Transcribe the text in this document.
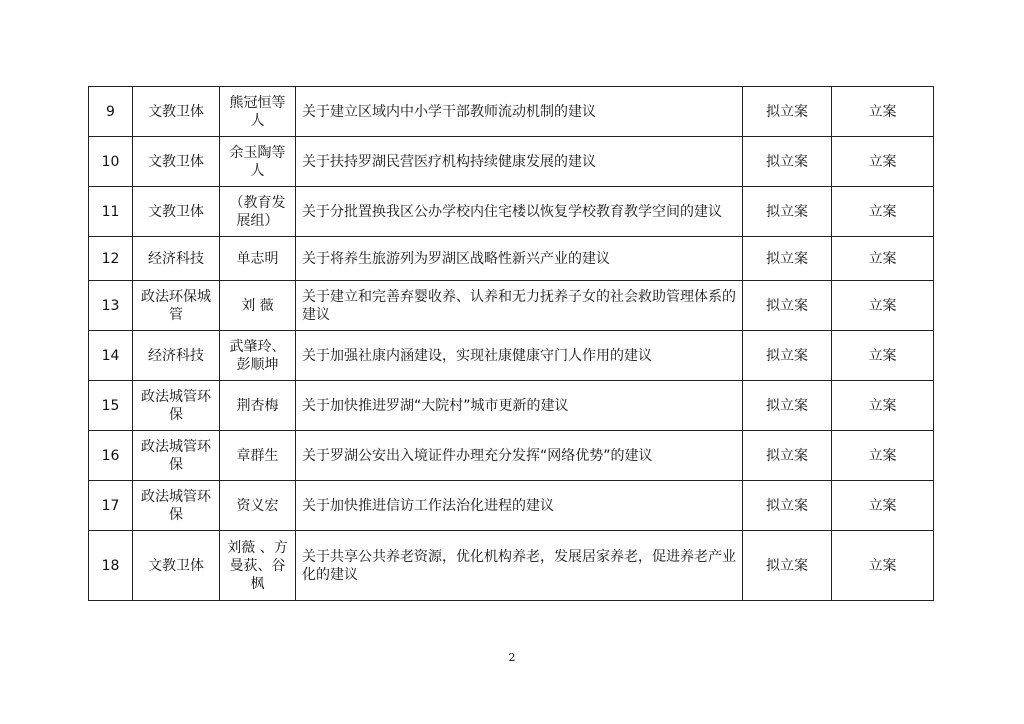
9	文教卫体	熊冠恒等人	关于建立区域内中小学干部教师流动机制的建议	拟立案	立案
10	文教卫体	余玉陶等人	关于扶持罗湖民营医疗机构持续健康发展的建议	拟立案	立案
11	文教卫体	（教育发展组）	关于分批置换我区公办学校内住宅楼以恢复学校教育教学空间的建议	拟立案	立案
12	经济科技	单志明	关于将养生旅游列为罗湖区战略性新兴产业的建议	拟立案	立案
13	政法环保城管	刘 薇	关于建立和完善弃婴收养、认养和无力抚养子女的社会救助管理体系的建议	拟立案	立案
14	经济科技	武肇玲、彭顺坤	关于加强社康内涵建设，实现社康健康守门人作用的建议	拟立案	立案
15	政法城管环保	荆杏梅	关于加快推进罗湖“大院村”城市更新的建议	拟立案	立案
16	政法城管环保	章群生	关于罗湖公安出入境证件办理充分发挥“网络优势”的建议	拟立案	立案
17	政法城管环保	资义宏	关于加快推进信访工作法治化进程的建议	拟立案	立案
18	文教卫体	刘薇 、方曼荻、谷枫	关于共享公共养老资源，优化机构养老，发展居家养老，促进养老产业化的建议	拟立案	立案
2
